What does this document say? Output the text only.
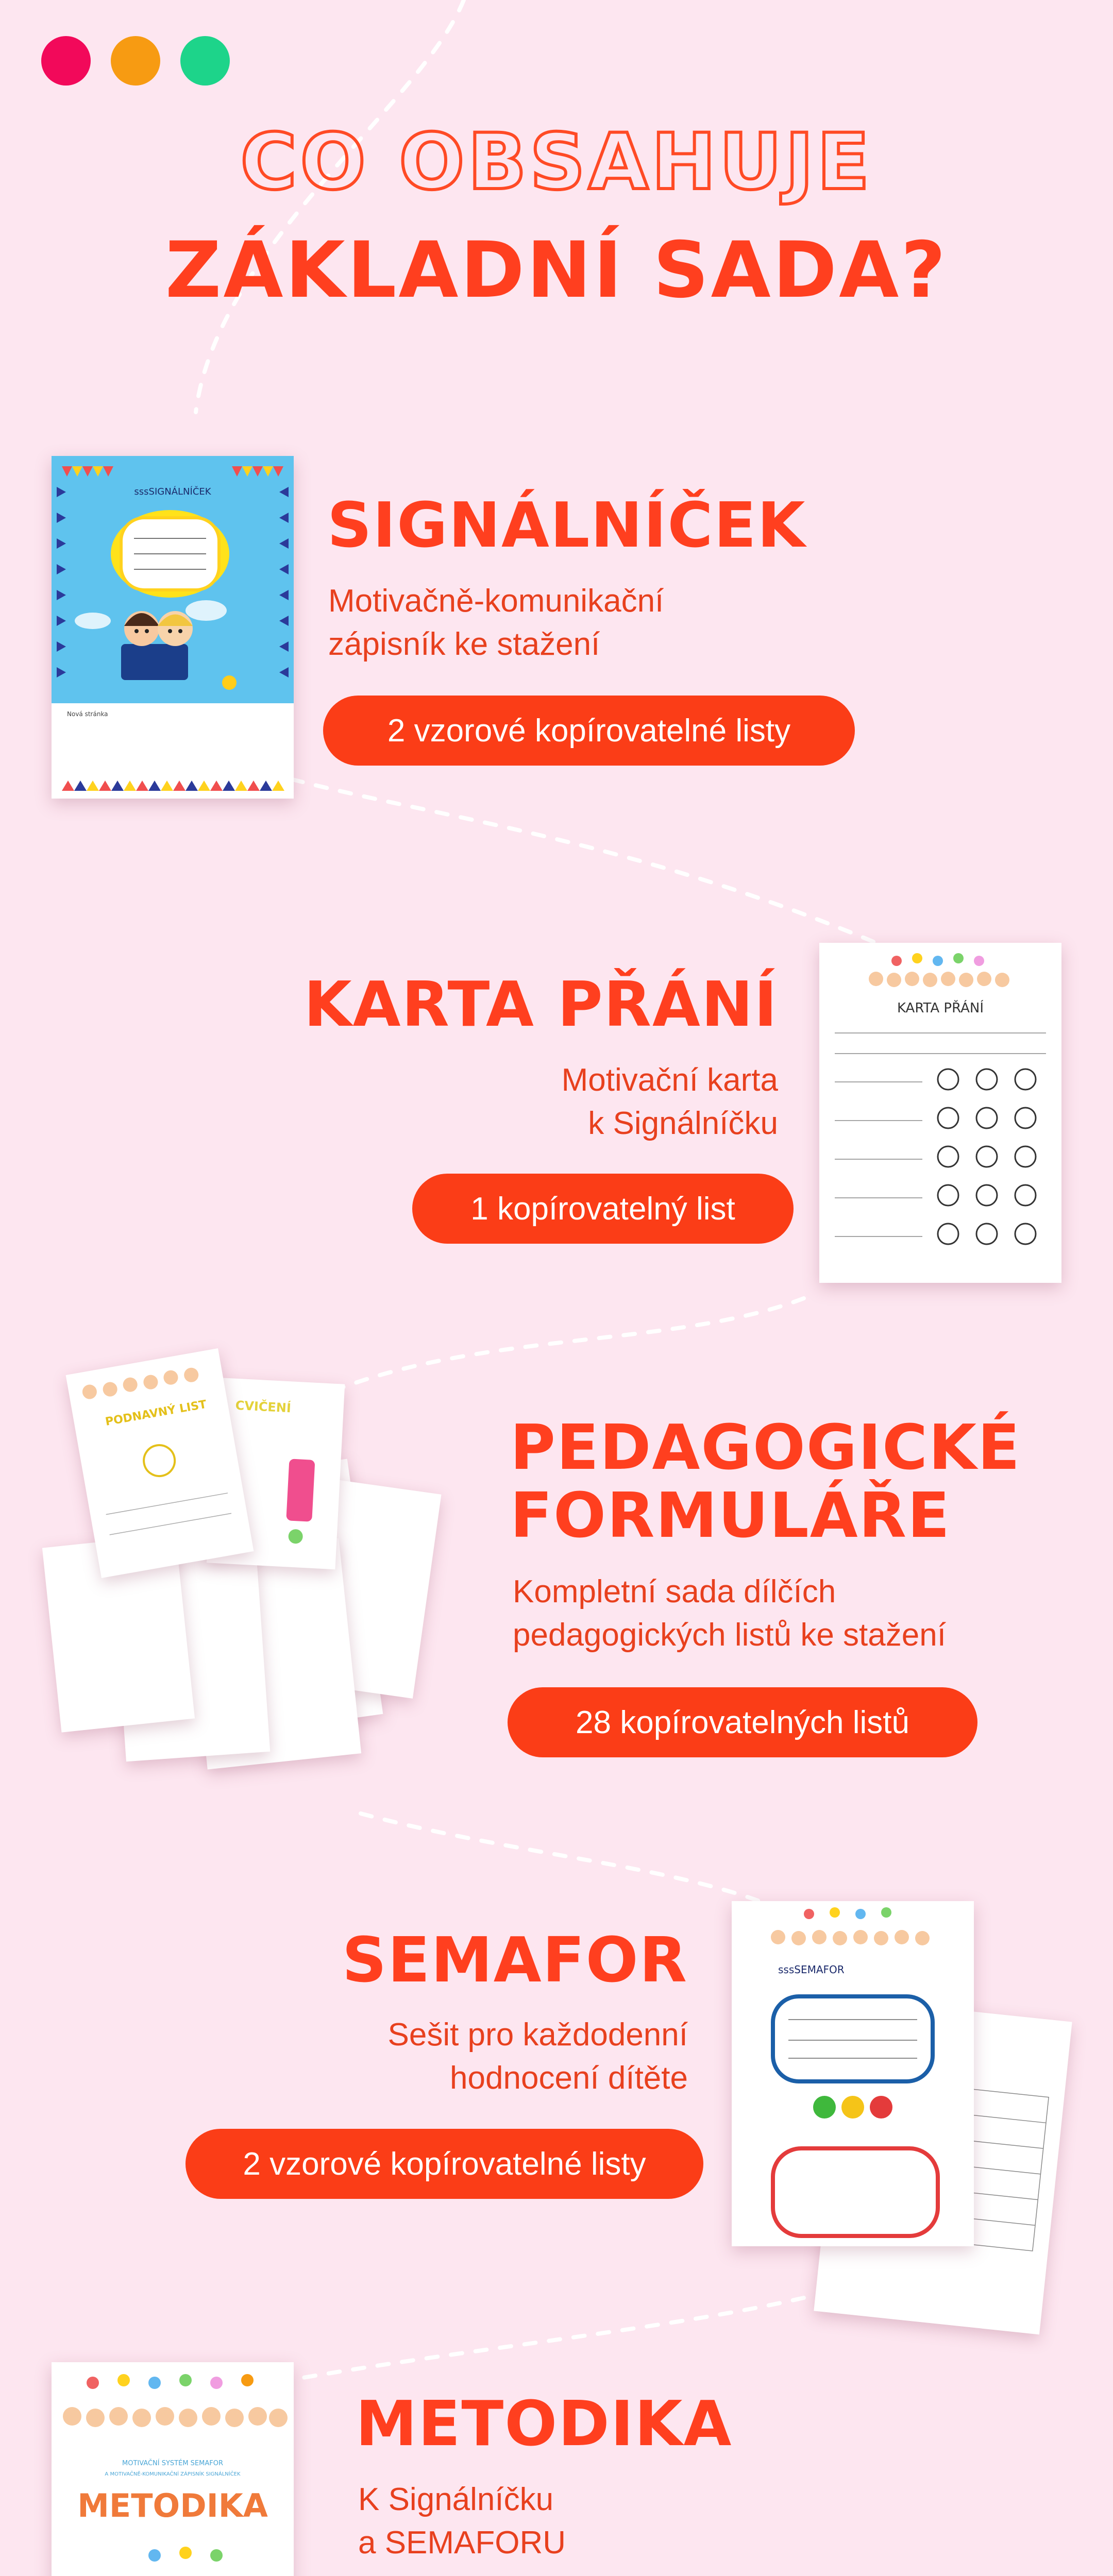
CO OBSAHUJE
ZÁKLADNÍ SADA?
sssSIGNÁLNÍČEK
Nová stránka
SIGNÁLNÍČEK
Motivačně-komunikační
zápisník ke stažení
2 vzorové kopírovatelné listy
KARTA PŘÁNÍ
KARTA PŘÁNÍ
Motivační karta
k Signálníčku
1 kopírovatelný list
CVIČENÍ
PODNAVNÝ LIST	PEDAGOGICKÉ
FORMULÁŘE
Kompletní sada dílčích
pedagogických listů ke stažení
28 kopírovatelných listů
sssSEMAFOR
SEMAFOR
Sešit pro každodenní
hodnocení dítěte
2 vzorové kopírovatelné listy
MOTIVAČNÍ SYSTÉM SEMAFOR
A MOTIVAČNĚ-KOMUNIKAČNÍ ZÁPISNÍK SIGNÁLNÍČEK
METODIKA
METODIKA
K Signálníčku
a SEMAFORU
